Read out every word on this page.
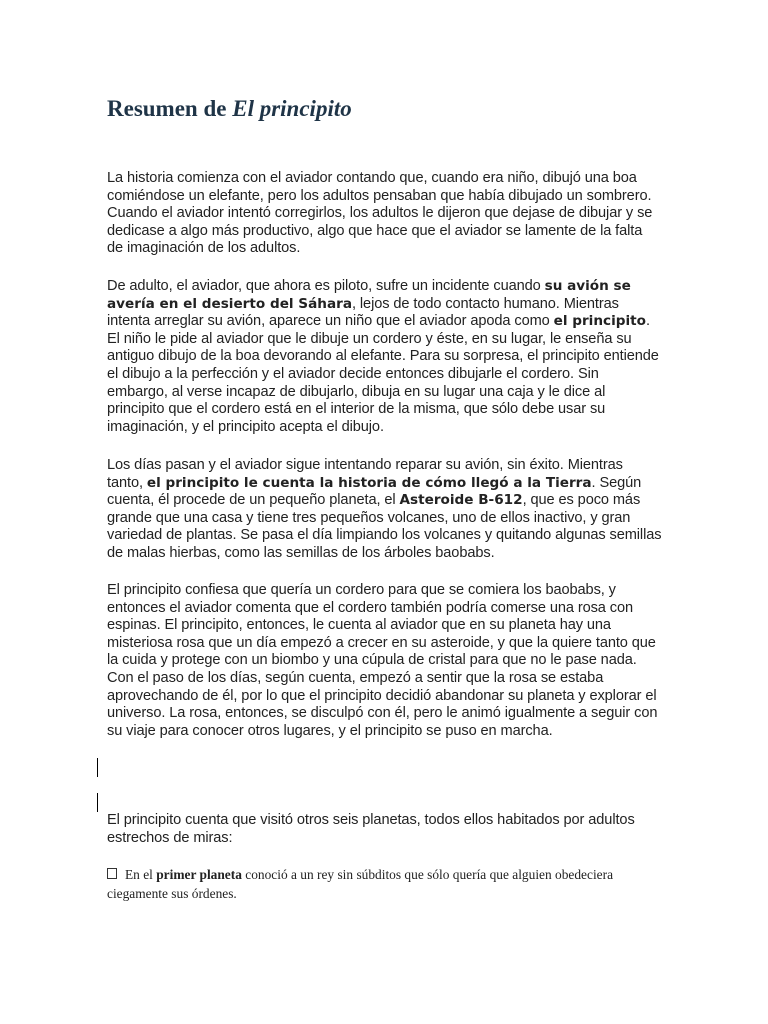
Resumen de El principito

La historia comienza con el aviador contando que, cuando era niño, dibujó una boa comiéndose un elefante, pero los adultos pensaban que había dibujado un sombrero. Cuando el aviador intentó corregirlos, los adultos le dijeron que dejase de dibujar y se dedicase a algo más productivo, algo que hace que el aviador se lamente de la falta de imaginación de los adultos.

De adulto, el aviador, que ahora es piloto, sufre un incidente cuando su avión se avería en el desierto del Sáhara, lejos de todo contacto humano. Mientras intenta arreglar su avión, aparece un niño que el aviador apoda como el principito. El niño le pide al aviador que le dibuje un cordero y éste, en su lugar, le enseña su antiguo dibujo de la boa devorando al elefante. Para su sorpresa, el principito entiende el dibujo a la perfección y el aviador decide entonces dibujarle el cordero. Sin embargo, al verse incapaz de dibujarlo, dibuja en su lugar una caja y le dice al principito que el cordero está en el interior de la misma, que sólo debe usar su imaginación, y el principito acepta el dibujo.

Los días pasan y el aviador sigue intentando reparar su avión, sin éxito. Mientras tanto, el principito le cuenta la historia de cómo llegó a la Tierra. Según cuenta, él procede de un pequeño planeta, el Asteroide B-612, que es poco más grande que una casa y tiene tres pequeños volcanes, uno de ellos inactivo, y gran variedad de plantas. Se pasa el día limpiando los volcanes y quitando algunas semillas de malas hierbas, como las semillas de los árboles baobabs.

El principito confiesa que quería un cordero para que se comiera los baobabs, y entonces el aviador comenta que el cordero también podría comerse una rosa con espinas. El principito, entonces, le cuenta al aviador que en su planeta hay una misteriosa rosa que un día empezó a crecer en su asteroide, y que la quiere tanto que la cuida y protege con un biombo y una cúpula de cristal para que no le pase nada. Con el paso de los días, según cuenta, empezó a sentir que la rosa se estaba aprovechando de él, por lo que el principito decidió abandonar su planeta y explorar el universo. La rosa, entonces, se disculpó con él, pero le animó igualmente a seguir con su viaje para conocer otros lugares, y el principito se puso en marcha.

El principito cuenta que visitó otros seis planetas, todos ellos habitados por adultos estrechos de miras:

En el primer planeta conoció a un rey sin súbditos que sólo quería que alguien obedeciera ciegamente sus órdenes.
